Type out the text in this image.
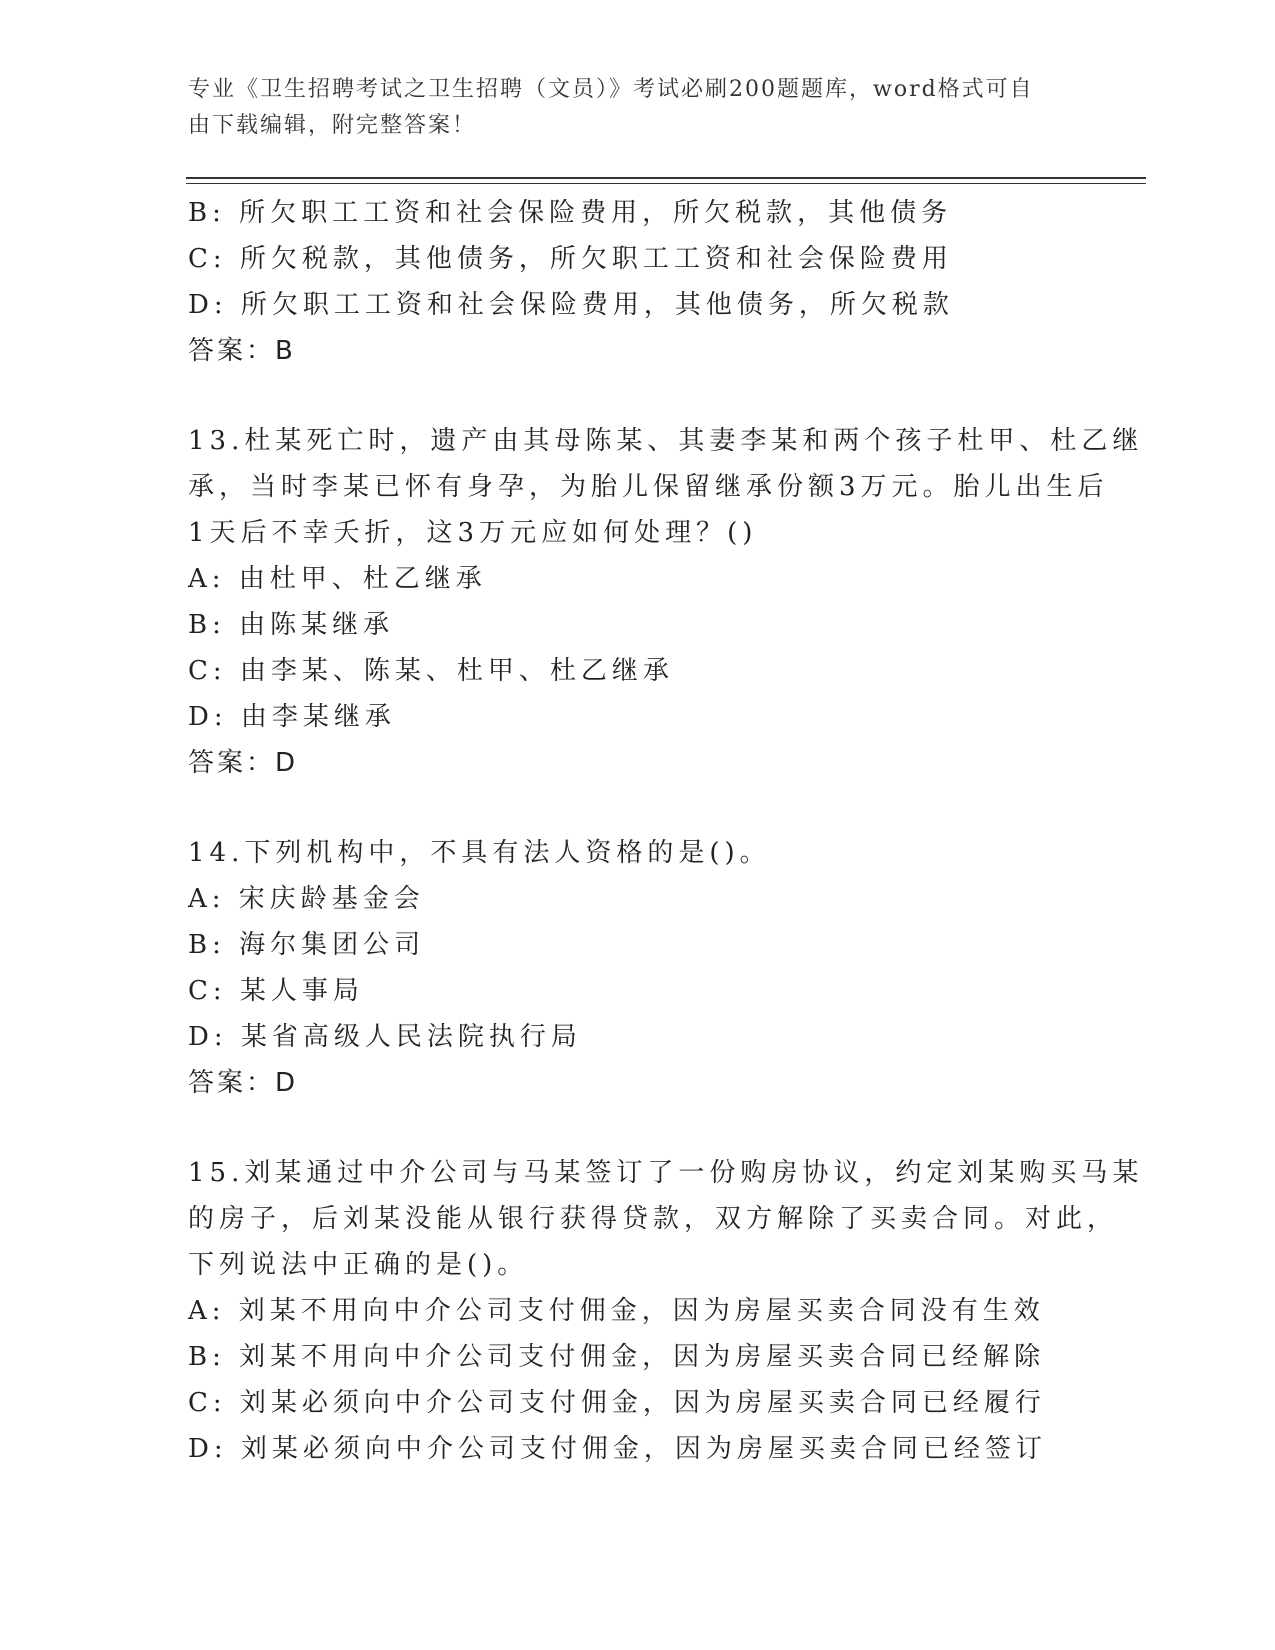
专业《卫生招聘考试之卫生招聘（文员）》考试必刷200题题库，word格式可自
由下载编辑，附完整答案！
B: 所欠职工工资和社会保险费用，所欠税款，其他债务
C: 所欠税款，其他债务，所欠职工工资和社会保险费用
D: 所欠职工工资和社会保险费用，其他债务，所欠税款
答案：B
13.杜某死亡时，遗产由其母陈某、其妻李某和两个孩子杜甲、杜乙继
承，当时李某已怀有身孕，为胎儿保留继承份额3万元。胎儿出生后
1天后不幸夭折，这3万元应如何处理？()
A: 由杜甲、杜乙继承
B: 由陈某继承
C: 由李某、陈某、杜甲、杜乙继承
D: 由李某继承
答案：D
14.下列机构中，不具有法人资格的是()。
A: 宋庆龄基金会
B: 海尔集团公司
C: 某人事局
D: 某省高级人民法院执行局
答案：D
15.刘某通过中介公司与马某签订了一份购房协议，约定刘某购买马某
的房子，后刘某没能从银行获得贷款，双方解除了买卖合同。对此，
下列说法中正确的是()。
A: 刘某不用向中介公司支付佣金，因为房屋买卖合同没有生效
B: 刘某不用向中介公司支付佣金，因为房屋买卖合同已经解除
C: 刘某必须向中介公司支付佣金，因为房屋买卖合同已经履行
D: 刘某必须向中介公司支付佣金，因为房屋买卖合同已经签订
